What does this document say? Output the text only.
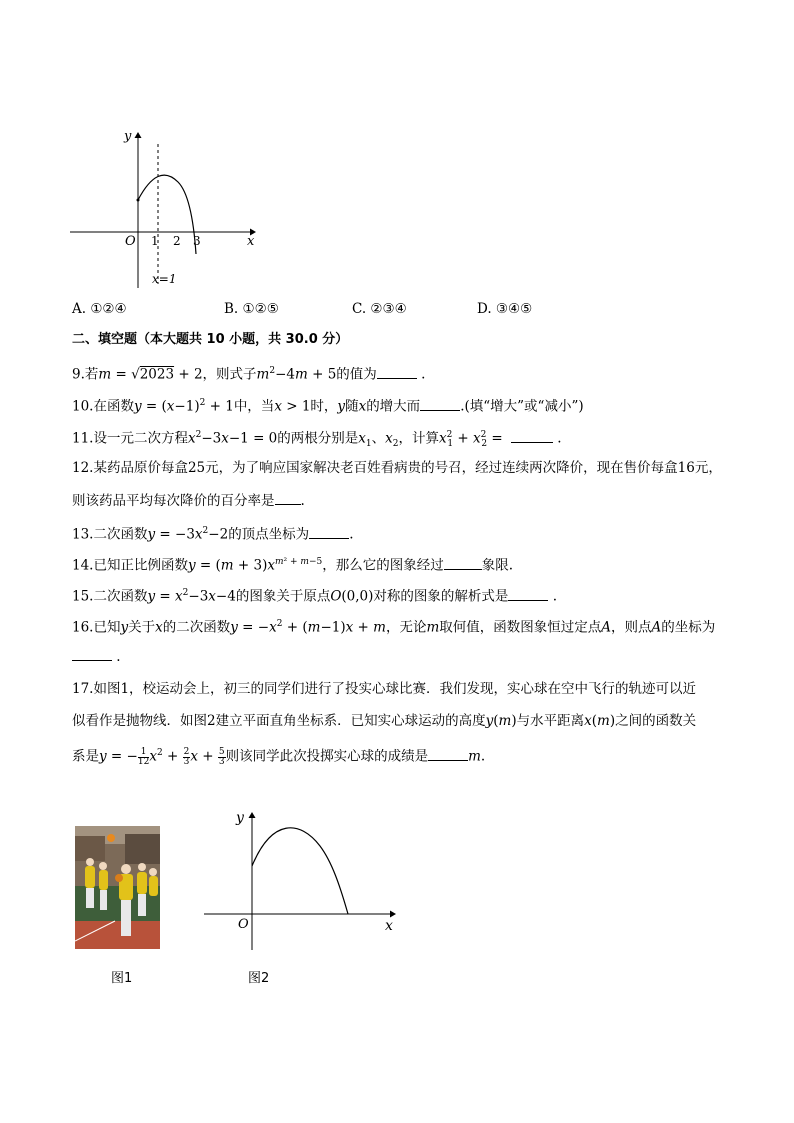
y
x
O 1 2 3
x=1
A. ①②④	B. ①②⑤	C. ②③④	D. ③④⑤
二、填空题（本大题共 10 小题，共 30.0 分）
9.若m = √2023 + 2，则式子$m^2-4m + 5$的值为	.
10.在函数$y = (x-1)^2 + 1$中，当x > 1时，y随x的增大而	.(填“增大”或“减小”)
11.设一元二次方程$x^2-3x-1 = 0$的两根分别是$x_1$、$x_2$，计算$x^2_1 + x^2_2$ =	.
12.某药品原价每盒25元，为了响应国家解决老百姓看病贵的号召，经过连续两次降价，现在售价每盒16元，
则该药品平均每次降价的百分率是 .
13.二次函数$y = -3x^2-2$的顶点坐标为	.
14.已知正比例函数$y = (m + 3)x^{m^2 + m-5}$，那么它的图象经过	象限.
15.二次函数$y = x^2-3x-4$的图象关于原点O(0,0)对称的图象的解析式是	.
16.已知y关于x的二次函数$y = -x^2 + (m-1)x + m$，无论m取何值，函数图象恒过定点A，则点A的坐标为
.
17.如图1，校运动会上，初三的同学们进行了投实心球比赛．我们发现，实心球在空中飞行的轨迹可以近
似看作是抛物线．如图2建立平面直角坐标系．已知实心球运动的高度y(m)与水平距离x(m)之间的函数关
系是y = − $\frac{1}{12} x^2 + \frac{2}{3}$ $x + \frac{5}{3}$ 则该同学此次投掷实心球的成绩是	m.
y
x
O
图1	图2
